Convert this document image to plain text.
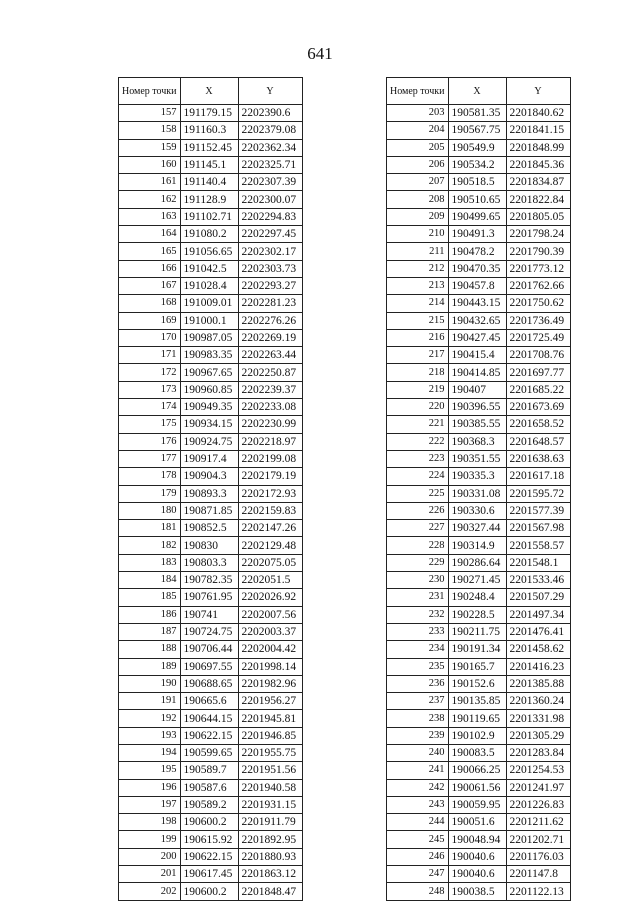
641
Номер точки	X	Y
157	191179.15	2202390.6
158	191160.3	2202379.08
159	191152.45	2202362.34
160	191145.1	2202325.71
161	191140.4	2202307.39
162	191128.9	2202300.07
163	191102.71	2202294.83
164	191080.2	2202297.45
165	191056.65	2202302.17
166	191042.5	2202303.73
167	191028.4	2202293.27
168	191009.01	2202281.23
169	191000.1	2202276.26
170	190987.05	2202269.19
171	190983.35	2202263.44
172	190967.65	2202250.87
173	190960.85	2202239.37
174	190949.35	2202233.08
175	190934.15	2202230.99
176	190924.75	2202218.97
177	190917.4	2202199.08
178	190904.3	2202179.19
179	190893.3	2202172.93
180	190871.85	2202159.83
181	190852.5	2202147.26
182	190830	2202129.48
183	190803.3	2202075.05
184	190782.35	2202051.5
185	190761.95	2202026.92
186	190741	2202007.56
187	190724.75	2202003.37
188	190706.44	2202004.42
189	190697.55	2201998.14
190	190688.65	2201982.96
191	190665.6	2201956.27
192	190644.15	2201945.81
193	190622.15	2201946.85
194	190599.65	2201955.75
195	190589.7	2201951.56
196	190587.6	2201940.58
197	190589.2	2201931.15
198	190600.2	2201911.79
199	190615.92	2201892.95
200	190622.15	2201880.93
201	190617.45	2201863.12
202	190600.2	2201848.47
Номер точки	X	Y
203	190581.35	2201840.62
204	190567.75	2201841.15
205	190549.9	2201848.99
206	190534.2	2201845.36
207	190518.5	2201834.87
208	190510.65	2201822.84
209	190499.65	2201805.05
210	190491.3	2201798.24
211	190478.2	2201790.39
212	190470.35	2201773.12
213	190457.8	2201762.66
214	190443.15	2201750.62
215	190432.65	2201736.49
216	190427.45	2201725.49
217	190415.4	2201708.76
218	190414.85	2201697.77
219	190407	2201685.22
220	190396.55	2201673.69
221	190385.55	2201658.52
222	190368.3	2201648.57
223	190351.55	2201638.63
224	190335.3	2201617.18
225	190331.08	2201595.72
226	190330.6	2201577.39
227	190327.44	2201567.98
228	190314.9	2201558.57
229	190286.64	2201548.1
230	190271.45	2201533.46
231	190248.4	2201507.29
232	190228.5	2201497.34
233	190211.75	2201476.41
234	190191.34	2201458.62
235	190165.7	2201416.23
236	190152.6	2201385.88
237	190135.85	2201360.24
238	190119.65	2201331.98
239	190102.9	2201305.29
240	190083.5	2201283.84
241	190066.25	2201254.53
242	190061.56	2201241.97
243	190059.95	2201226.83
244	190051.6	2201211.62
245	190048.94	2201202.71
246	190040.6	2201176.03
247	190040.6	2201147.8
248	190038.5	2201122.13
